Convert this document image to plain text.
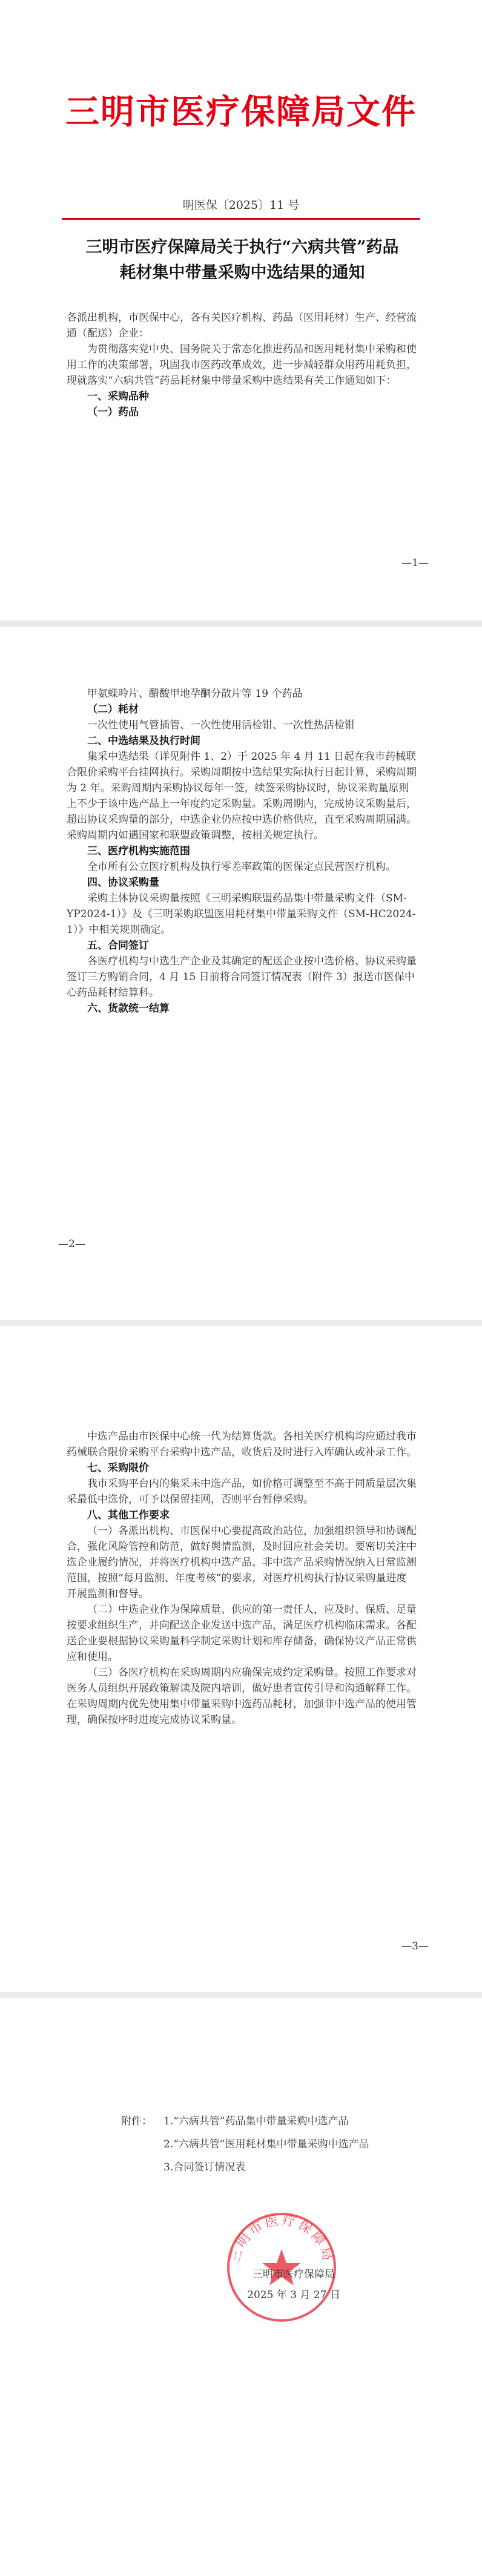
三明市医疗保障局文件
明医保〔2025〕11 号
三明市医疗保障局关于执行“六病共管”药品
耗材集中带量采购中选结果的通知

各派出机构，市医保中心，各有关医疗机构、药品（医用耗材）生产、经营流通（配送）企业：

为贯彻落实党中央、国务院关于常态化推进药品和医用耗材集中采购和使用工作的决策部署，巩固我市医药改革成效，进一步减轻群众用药用耗负担，现就落实“六病共管”药品耗材集中带量采购中选结果有关工作通知如下：

一、采购品种

（一）药品

—1—

甲氨蝶呤片、醋酸甲地孕酮分散片等 19 个药品

（二）耗材

一次性使用气管插管、一次性使用活检钳、一次性热活检钳

二、中选结果及执行时间

集采中选结果（详见附件 1、2）于 2025 年 4 月 11 日起在我市药械联合限价采购平台挂网执行。采购周期按中选结果实际执行日起计算，采购周期为 2 年。采购周期内采购协议每年一签，续签采购协议时，协议采购量原则上不少于该中选产品上一年度约定采购量。采购周期内，完成协议采购量后，超出协议采购量的部分，中选企业仍应按中选价格供应，直至采购周期届满。采购周期内如遇国家和联盟政策调整，按相关规定执行。

三、医疗机构实施范围

全市所有公立医疗机构及执行零差率政策的医保定点民营医疗机构。

四、协议采购量

采购主体协议采购量按照《三明采购联盟药品集中带量采购文件（SM-YP2024-1）》及《三明采购联盟医用耗材集中带量采购文件（SM-HC2024-1）》中相关规则确定。

五、合同签订

各医疗机构与中选生产企业及其确定的配送企业按中选价格、协议采购量签订三方购销合同，4 月 15 日前将合同签订情况表（附件 3）报送市医保中心药品耗材结算科。

六、货款统一结算

—2—

中选产品由市医保中心统一代为结算货款。各相关医疗机构均应通过我市药械联合限价采购平台采购中选产品，收货后及时进行入库确认或补录工作。

七、采购限价

我市采购平台内的集采未中选产品，如价格可调整至不高于同质量层次集采最低中选价，可予以保留挂网，否则平台暂停采购。

八、其他工作要求

（一）各派出机构、市医保中心要提高政治站位，加强组织领导和协调配合，强化风险管控和防范，做好舆情监测，及时回应社会关切。要密切关注中选企业履约情况，并将医疗机构中选产品、非中选产品采购情况纳入日常监测范围，按照“每月监测、年度考核”的要求，对医疗机构执行协议采购量进度开展监测和督导。

（二）中选企业作为保障质量、供应的第一责任人，应及时、保质、足量按要求组织生产，并向配送企业发送中选产品，满足医疗机构临床需求。各配送企业要根据协议采购量科学制定采购计划和库存储备，确保协议产品正常供应和使用。

（三）各医疗机构在采购周期内应确保完成约定采购量。按照工作要求对医务人员组织开展政策解读及院内培训，做好患者宣传引导和沟通解释工作。在采购周期内优先使用集中带量采购中选药品耗材，加强非中选产品的使用管理，确保按序时进度完成协议采购量。

—3—
附件：	1.“六病共管”药品集中带量采购中选产品
2.“六病共管”医用耗材集中带量采购中选产品
3.合同签订情况表
三明市医疗保障局
三明市医疗保障局
2025 年 3 月 27 日
